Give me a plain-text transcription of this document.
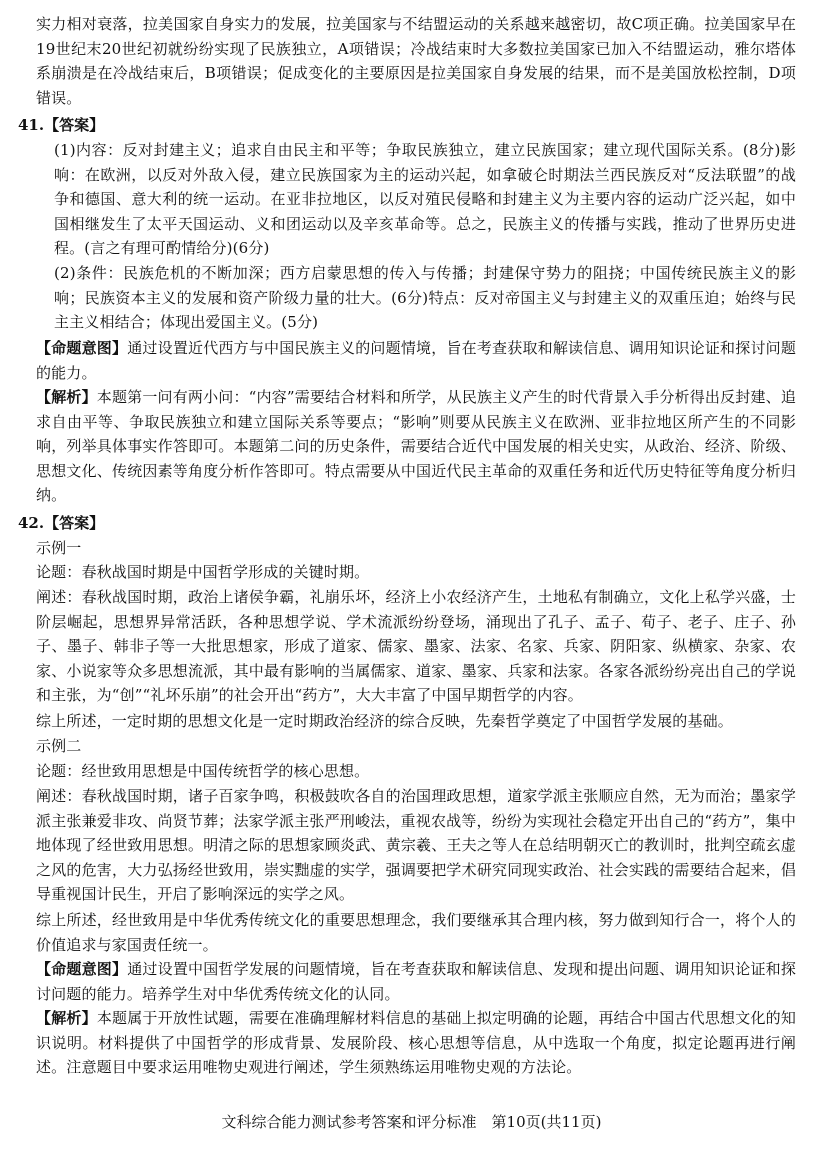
实力相对衰落，拉美国家自身实力的发展，拉美国家与不结盟运动的关系越来越密切，故C项正确。拉美国家早在19世纪末20世纪初就纷纷实现了民族独立，A项错误；冷战结束时大多数拉美国家已加入不结盟运动，雅尔塔体系崩溃是在冷战结束后，B项错误；促成变化的主要原因是拉美国家自身发展的结果，而不是美国放松控制，D项错误。

41.【答案】

(1)内容：反对封建主义；追求自由民主和平等；争取民族独立，建立民族国家；建立现代国际关系。(8分)影响：在欧洲，以反对外敌入侵，建立民族国家为主的运动兴起，如拿破仑时期法兰西民族反对“反法联盟”的战争和德国、意大利的统一运动。在亚非拉地区，以反对殖民侵略和封建主义为主要内容的运动广泛兴起，如中国相继发生了太平天国运动、义和团运动以及辛亥革命等。总之，民族主义的传播与实践，推动了世界历史进程。(言之有理可酌情给分)(6分)

(2)条件：民族危机的不断加深；西方启蒙思想的传入与传播；封建保守势力的阻挠；中国传统民族主义的影响；民族资本主义的发展和资产阶级力量的壮大。(6分)特点：反对帝国主义与封建主义的双重压迫；始终与民主主义相结合；体现出爱国主义。(5分)

【命题意图】通过设置近代西方与中国民族主义的问题情境，旨在考查获取和解读信息、调用知识论证和探讨问题的能力。

【解析】本题第一问有两小问：“内容”需要结合材料和所学，从民族主义产生的时代背景入手分析得出反封建、追求自由平等、争取民族独立和建立国际关系等要点；“影响”则要从民族主义在欧洲、亚非拉地区所产生的不同影响，列举具体事实作答即可。本题第二问的历史条件，需要结合近代中国发展的相关史实，从政治、经济、阶级、思想文化、传统因素等角度分析作答即可。特点需要从中国近代民主革命的双重任务和近代历史特征等角度分析归纳。

42.【答案】

示例一

论题：春秋战国时期是中国哲学形成的关键时期。

阐述：春秋战国时期，政治上诸侯争霸，礼崩乐坏，经济上小农经济产生，土地私有制确立，文化上私学兴盛，士阶层崛起，思想界异常活跃，各种思想学说、学术流派纷纷登场，涌现出了孔子、孟子、荀子、老子、庄子、孙子、墨子、韩非子等一大批思想家，形成了道家、儒家、墨家、法家、名家、兵家、阴阳家、纵横家、杂家、农家、小说家等众多思想流派，其中最有影响的当属儒家、道家、墨家、兵家和法家。各家各派纷纷亮出自己的学说和主张，为“创”“礼坏乐崩”的社会开出“药方”，大大丰富了中国早期哲学的内容。

综上所述，一定时期的思想文化是一定时期政治经济的综合反映，先秦哲学奠定了中国哲学发展的基础。

示例二

论题：经世致用思想是中国传统哲学的核心思想。

阐述：春秋战国时期，诸子百家争鸣，积极鼓吹各自的治国理政思想，道家学派主张顺应自然，无为而治；墨家学派主张兼爱非攻、尚贤节葬；法家学派主张严刑峻法，重视农战等，纷纷为实现社会稳定开出自己的“药方”，集中地体现了经世致用思想。明清之际的思想家顾炎武、黄宗羲、王夫之等人在总结明朝灭亡的教训时，批判空疏玄虚之风的危害，大力弘扬经世致用，崇实黜虚的实学，强调要把学术研究同现实政治、社会实践的需要结合起来，倡导重视国计民生，开启了影响深远的实学之风。

综上所述，经世致用是中华优秀传统文化的重要思想理念，我们要继承其合理内核，努力做到知行合一，将个人的价值追求与家国责任统一。

【命题意图】通过设置中国哲学发展的问题情境，旨在考查获取和解读信息、发现和提出问题、调用知识论证和探讨问题的能力。培养学生对中华优秀传统文化的认同。

【解析】本题属于开放性试题，需要在准确理解材料信息的基础上拟定明确的论题，再结合中国古代思想文化的知识说明。材料提供了中国哲学的形成背景、发展阶段、核心思想等信息，从中选取一个角度，拟定论题再进行阐述。注意题目中要求运用唯物史观进行阐述，学生须熟练运用唯物史观的方法论。

文科综合能力测试参考答案和评分标准　第10页(共11页)
